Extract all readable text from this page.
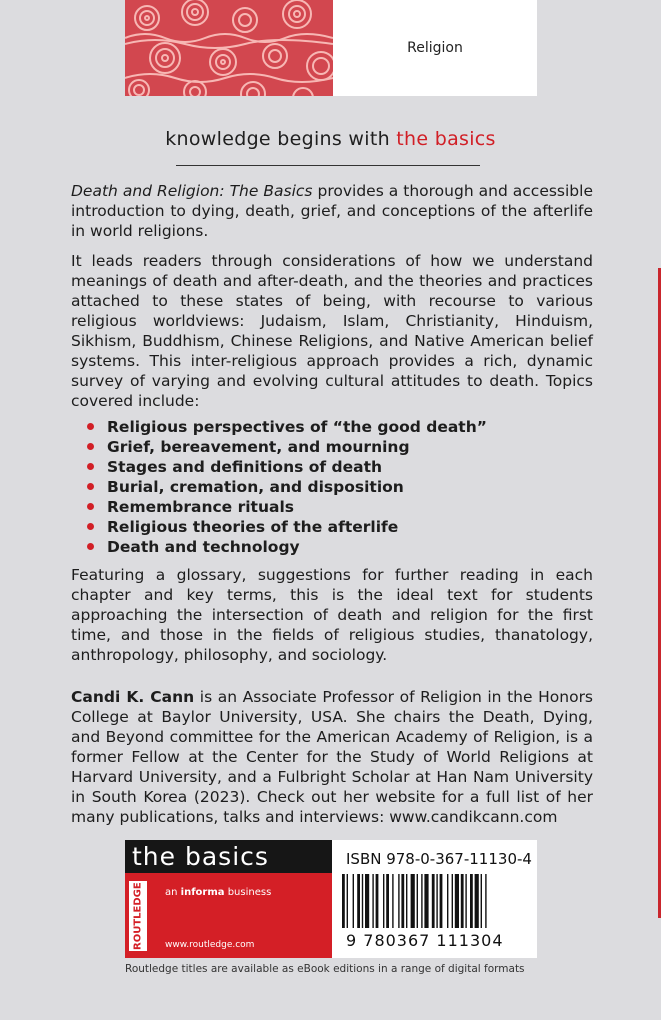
Religion
knowledge begins with the basics

Death and Religion: The Basics provides a thorough and accessible introduction to dying, death, grief, and conceptions of the afterlife in world religions.

It leads readers through considerations of how we understand meanings of death and after-death, and the theories and practices attached to these states of being, with recourse to various religious worldviews: Judaism, Islam, Christianity, Hinduism, Sikhism, Buddhism, Chinese Religions, and Native American belief systems. This inter-religious approach provides a rich, dynamic survey of varying and evolving cultural attitudes to death. Topics covered include:

Religious perspectives of “the good death”
Grief, bereavement, and mourning
Stages and definitions of death
Burial, cremation, and disposition
Remembrance rituals
Religious theories of the afterlife
Death and technology

Featuring a glossary, suggestions for further reading in each chapter and key terms, this is the ideal text for students approaching the intersection of death and religion for the first time, and those in the fields of religious studies, thanatology, anthropology, philosophy, and sociology.

Candi K. Cann is an Associate Professor of Religion in the Honors College at Baylor University, USA. She chairs the Death, Dying, and Beyond committee for the American Academy of Religion, is a former Fellow at the Center for the Study of World Religions at Harvard University, and a Fulbright Scholar at Han Nam University in South Korea (2023). Check out her website for a full list of her many publications, talks and interviews: www.candikcann.com

the basics
ROUTLEDGE	an informa business
www.routledge.com
ISBN 978-0-367-11130-4
9 780367 111304
Routledge titles are available as eBook editions in a range of digital formats
